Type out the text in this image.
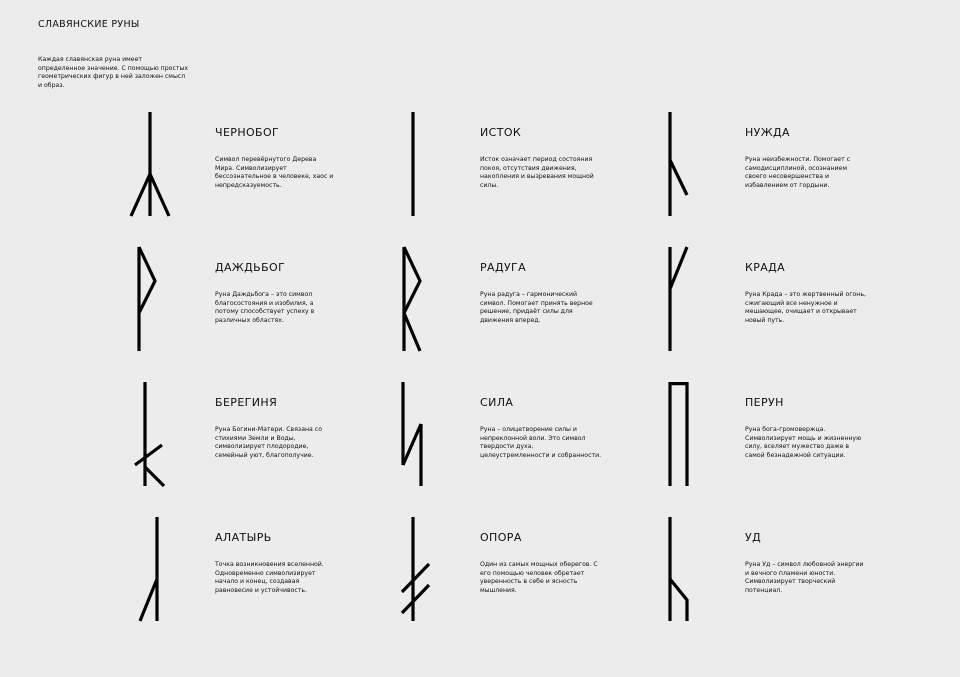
СЛАВЯНСКИЕ РУНЫ
Каждая славянская руна имеет определенное значение. С помощью простых геометрических фигур в ней заложен смысл и образ.
ЧЕРНОБОГ
Символ перевёрнутого Дерева Мира. Символизирует бессознательное в человеке, хаос и непредсказуемость.
ИСТОК
Исток означает период состояния покоя, отсутствия движения, накопления и вызревания мощной силы.
НУЖДА
Руна неизбежности. Помогает с самодисциплиной, осознанием своего несовершенства и избавлением от гордыни.
ДАЖДЬБОГ
Руна Даждьбога – это символ благосостояния и изобилия, а потому способствует успеху в различных областях.
РАДУГА
Руна радуга – гармонический символ. Помогает принять верное решение, придаёт силы для движения вперед.
КРАДА
Руна Крада – это жертвенный огонь, сжигающий все ненужное и мешающее, очищает и открывает новый путь.
БЕРЕГИНЯ
Руна Богини-Матери. Связана со стихиями Земли и Воды, символизирует плодородие, семейный уют, благополучие.
СИЛА
Руна – олицетворение силы и непреклонной воли. Это символ твердости духа, целеустремленности и собранности.
ПЕРУН
Руна бога-громовержца. Символизирует мощь и жизненную силу, вселяет мужество даже в самой безнадежной ситуации.
АЛАТЫРЬ
Точка возникновения вселенной. Одновременно символизирует начало и конец, создавая равновесие и устойчивость.
ОПОРА
Один из самых мощных оберегов. С его помощью человек обретает уверенность в себе и ясность мышления.
УД
Руна Уд – символ любовной энергии и вечного пламени юности. Символизирует творческий потенциал.
